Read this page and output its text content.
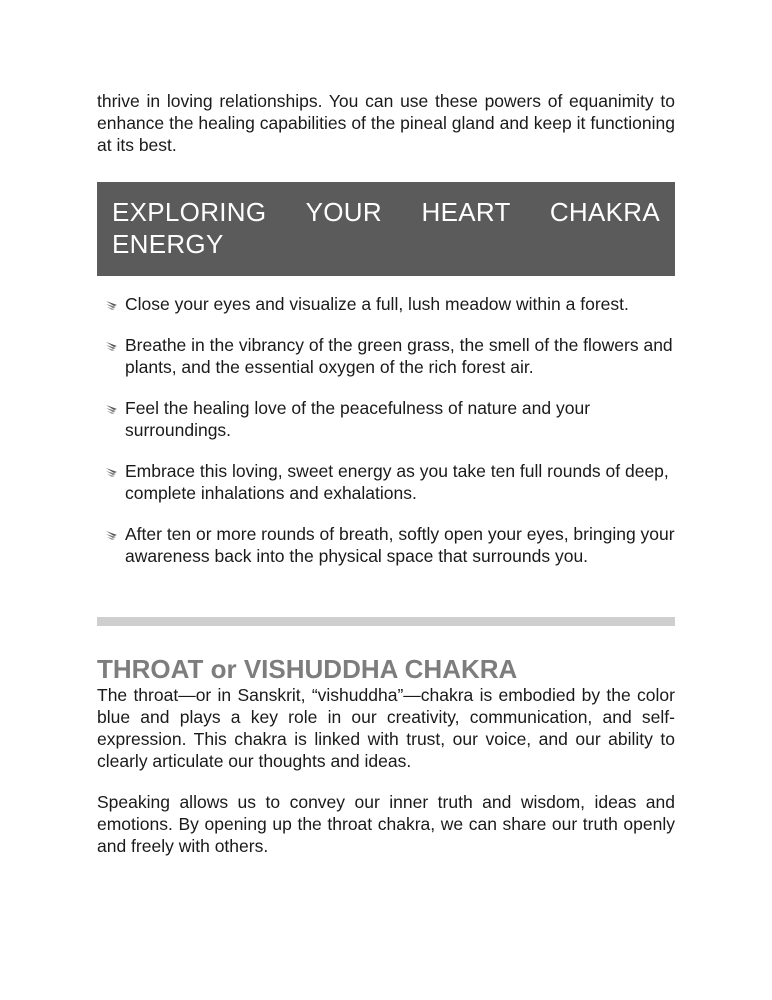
thrive in loving relationships. You can use these powers of equanimity to enhance the healing capabilities of the pineal gland and keep it functioning at its best.

EXPLORING YOUR HEART CHAKRA ENERGY
Close your eyes and visualize a full, lush meadow within a forest.
Breathe in the vibrancy of the green grass, the smell of the flowers and plants, and the essential oxygen of the rich forest air.
Feel the healing love of the peacefulness of nature and your surroundings.
Embrace this loving, sweet energy as you take ten full rounds of deep, complete inhalations and exhalations.
After ten or more rounds of breath, softly open your eyes, bringing your awareness back into the physical space that surrounds you.
THROAT or VISHUDDHA CHAKRA

The throat—or in Sanskrit, “vishuddha”—chakra is embodied by the color blue and plays a key role in our creativity, communication, and self-expression. This chakra is linked with trust, our voice, and our ability to clearly articulate our thoughts and ideas.

Speaking allows us to convey our inner truth and wisdom, ideas and emotions. By opening up the throat chakra, we can share our truth openly and freely with others.
